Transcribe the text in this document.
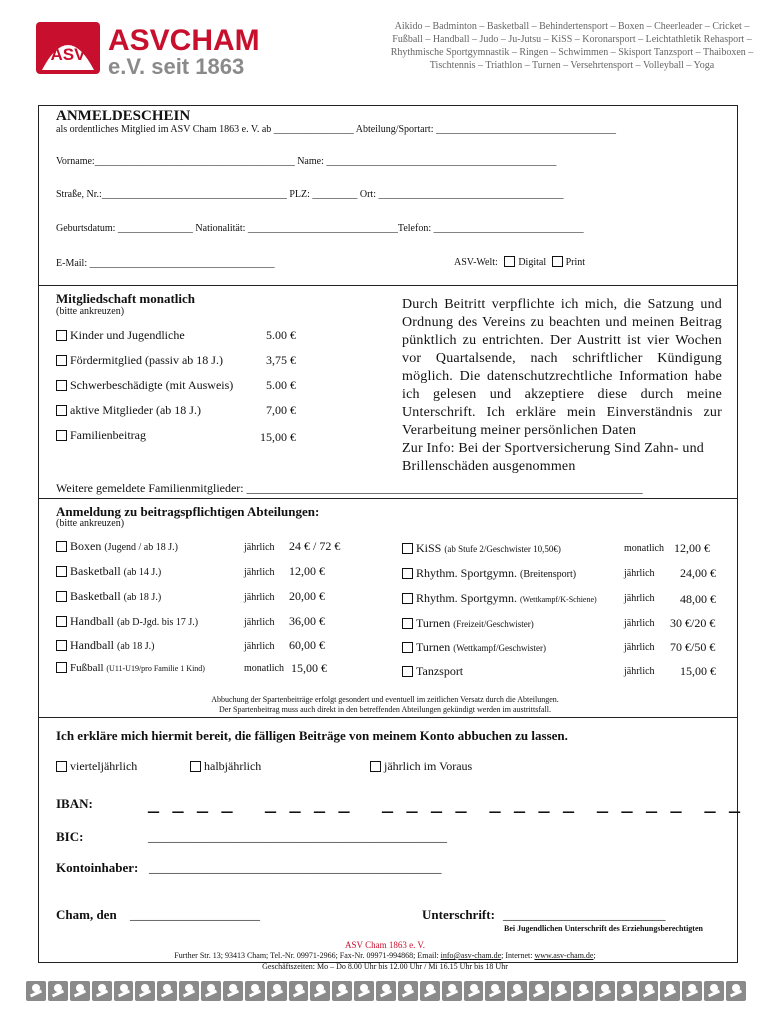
ASV ASVCHAM
e.V. seit 1863
Aikido – Badminton – Basketball – Behindertensport – Boxen – Cheerleader – Cricket – Fußball – Handball – Judo – Ju-Jutsu – KiSS – Koronarsport – Leichtathletik Rehasport – Rhythmische Sportgymnastik – Ringen – Schwimmen – Skisport Tanzsport – Thaiboxen – Tischtennis – Triathlon – Turnen – Versehrtensport – Volleyball – Yoga
ANMELDESCHEIN
als ordentliches Mitglied im ASV Cham 1863 e. V. ab ________________ Abteilung/Sportart: ____________________________________
Vorname:________________________________________ Name: ______________________________________________
Straße, Nr.:_____________________________________ PLZ: _________ Ort: _____________________________________
Geburtsdatum: _______________ Nationalität: ______________________________Telefon: ______________________________
E-Mail: _____________________________________	ASV-Welt: Digital Print
Mitgliedschaft monatlich
(bitte ankreuzen)
Kinder und Jugendliche	5.00 €
Fördermitglied (passiv ab 18 J.)	3,75 €
Schwerbeschädigte (mit Ausweis)	5.00 €
aktive Mitglieder (ab 18 J.)	7,00 €
Familienbeitrag	15,00 €
Durch Beitritt verpflichte ich mich, die Satzung und Ordnung des Vereins zu beachten und meinen Beitrag pünktlich zu entrichten. Der Austritt ist vier Wochen vor Quartalsende, nach schriftlicher Kündigung möglich. Die datenschutzrechtliche Information habe ich gelesen und akzeptiere diese durch meine Unterschrift. Ich erkläre mein Einverständnis zur Verarbeitung meiner persönlichen Daten
Zur Info: Bei der Sportversicherung Sind Zahn- und Brillenschäden ausgenommen
Weitere gemeldete Familienmitglieder: __________________________________________________________________
Anmeldung zu beitragspflichtigen Abteilungen:
(bitte ankreuzen)
Boxen (Jugend / ab 18 J.)	jährlich 24 € / 72 €
Basketball (ab 14 J.)	jährlich 12,00 €
Basketball (ab 18 J.)	jährlich 20,00 €
Handball (ab D-Jgd. bis 17 J.)	jährlich 36,00 €
Handball (ab 18 J.)	jährlich 60,00 €
Fußball (U11-U19/pro Familie 1 Kind)	monatlich 15,00 €
KiSS (ab Stufe 2/Geschwister 10,50€)	monatlich 12,00 €
Rhythm. Sportgymn. (Breitensport)	jährlich 24,00 €
Rhythm. Sportgymn. (Wettkampf/K-Schiene)	jährlich 48,00 €
Turnen (Freizeit/Geschwister)	jährlich 30 €/20 €
Turnen (Wettkampf/Geschwister)	jährlich 70 €/50 €
Tanzsport	jährlich 15,00 €
Abbuchung der Spartenbeiträge erfolgt gesondert und eventuell im zeitlichen Versatz durch die Abteilungen.
Der Spartenbeitrag muss auch direkt in den betreffenden Abteilungen gekündigt werden im austrittsfall.
Ich erkläre mich hiermit bereit, die fälligen Beiträge von meinem Konto abbuchen zu lassen.
vierteljährlich	halbjährlich	jährlich im Voraus
IBAN:	_ _ _ _   _ _ _ _   _ _ _ _  _ _ _ _  _ _ _ _  _ _
BIC:	______________________________________________
Kontoinhaber: _____________________________________________
Cham, den ____________________	Unterschrift: _________________________
Bei Jugendlichen Unterschrift des Erziehungsberechtigten
ASV Cham 1863 e. V.
Further Str. 13; 93413 Cham; Tel.-Nr. 09971-2966; Fax-Nr. 09971-994868; Email: info@asv-cham.de; Internet: www.asv-cham.de;
Geschäftszeiten: Mo – Do 8.00 Uhr bis 12.00 Uhr / Mi 16.15 Uhr bis 18 Uhr
